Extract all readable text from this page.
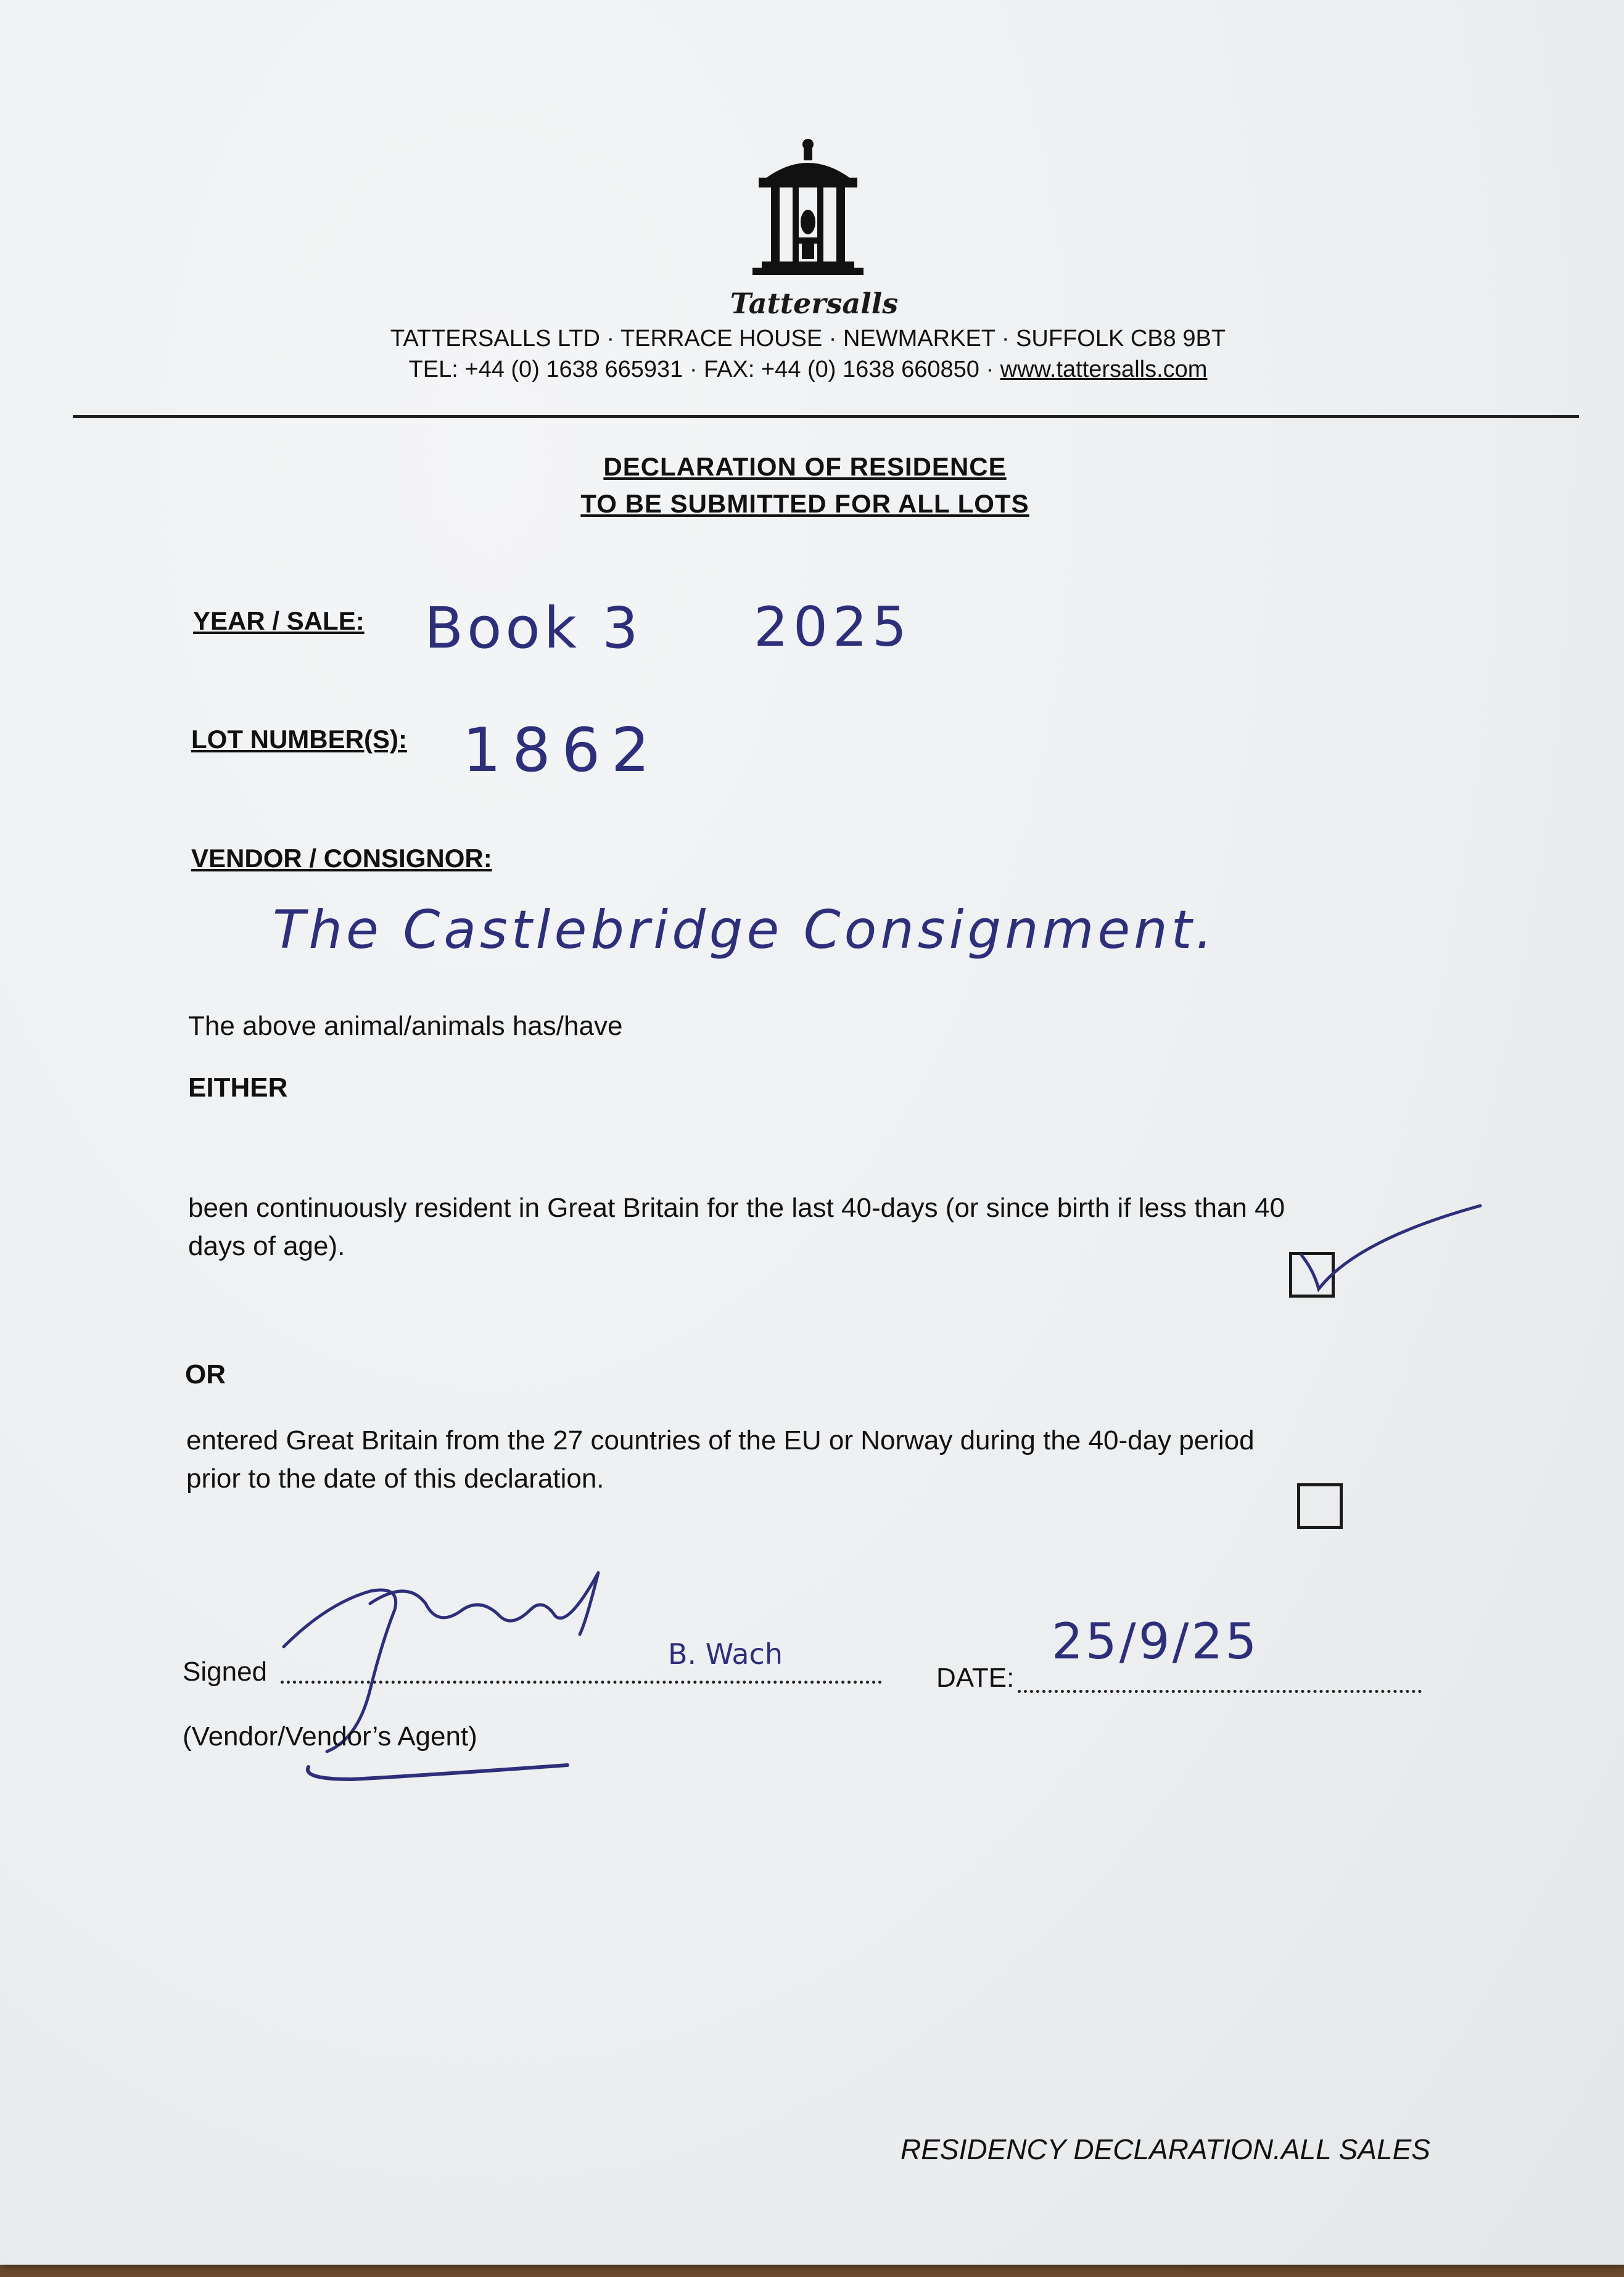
Tattersalls
TATTERSALLS LTD · TERRACE HOUSE · NEWMARKET · SUFFOLK CB8 9BT
TEL: +44 (0) 1638 665931 · FAX: +44 (0) 1638 660850 · www.tattersalls.com
DECLARATION OF RESIDENCE
TO BE SUBMITTED FOR ALL LOTS
YEAR / SALE: Book 3 2025
LOT NUMBER(S): 1862
VENDOR / CONSIGNOR:
The Castlebridge Consignment.
The above animal/animals has/have
EITHER
been continuously resident in Great Britain for the last 40-days (or since birth if less than 40
days of age).
OR
entered Great Britain from the 27 countries of the EU or Norway during the 40-day period
prior to the date of this declaration.
Signed
B. Wach
(Vendor/Vendor’s Agent)
DATE:
25/9/25
RESIDENCY DECLARATION.ALL SALES
